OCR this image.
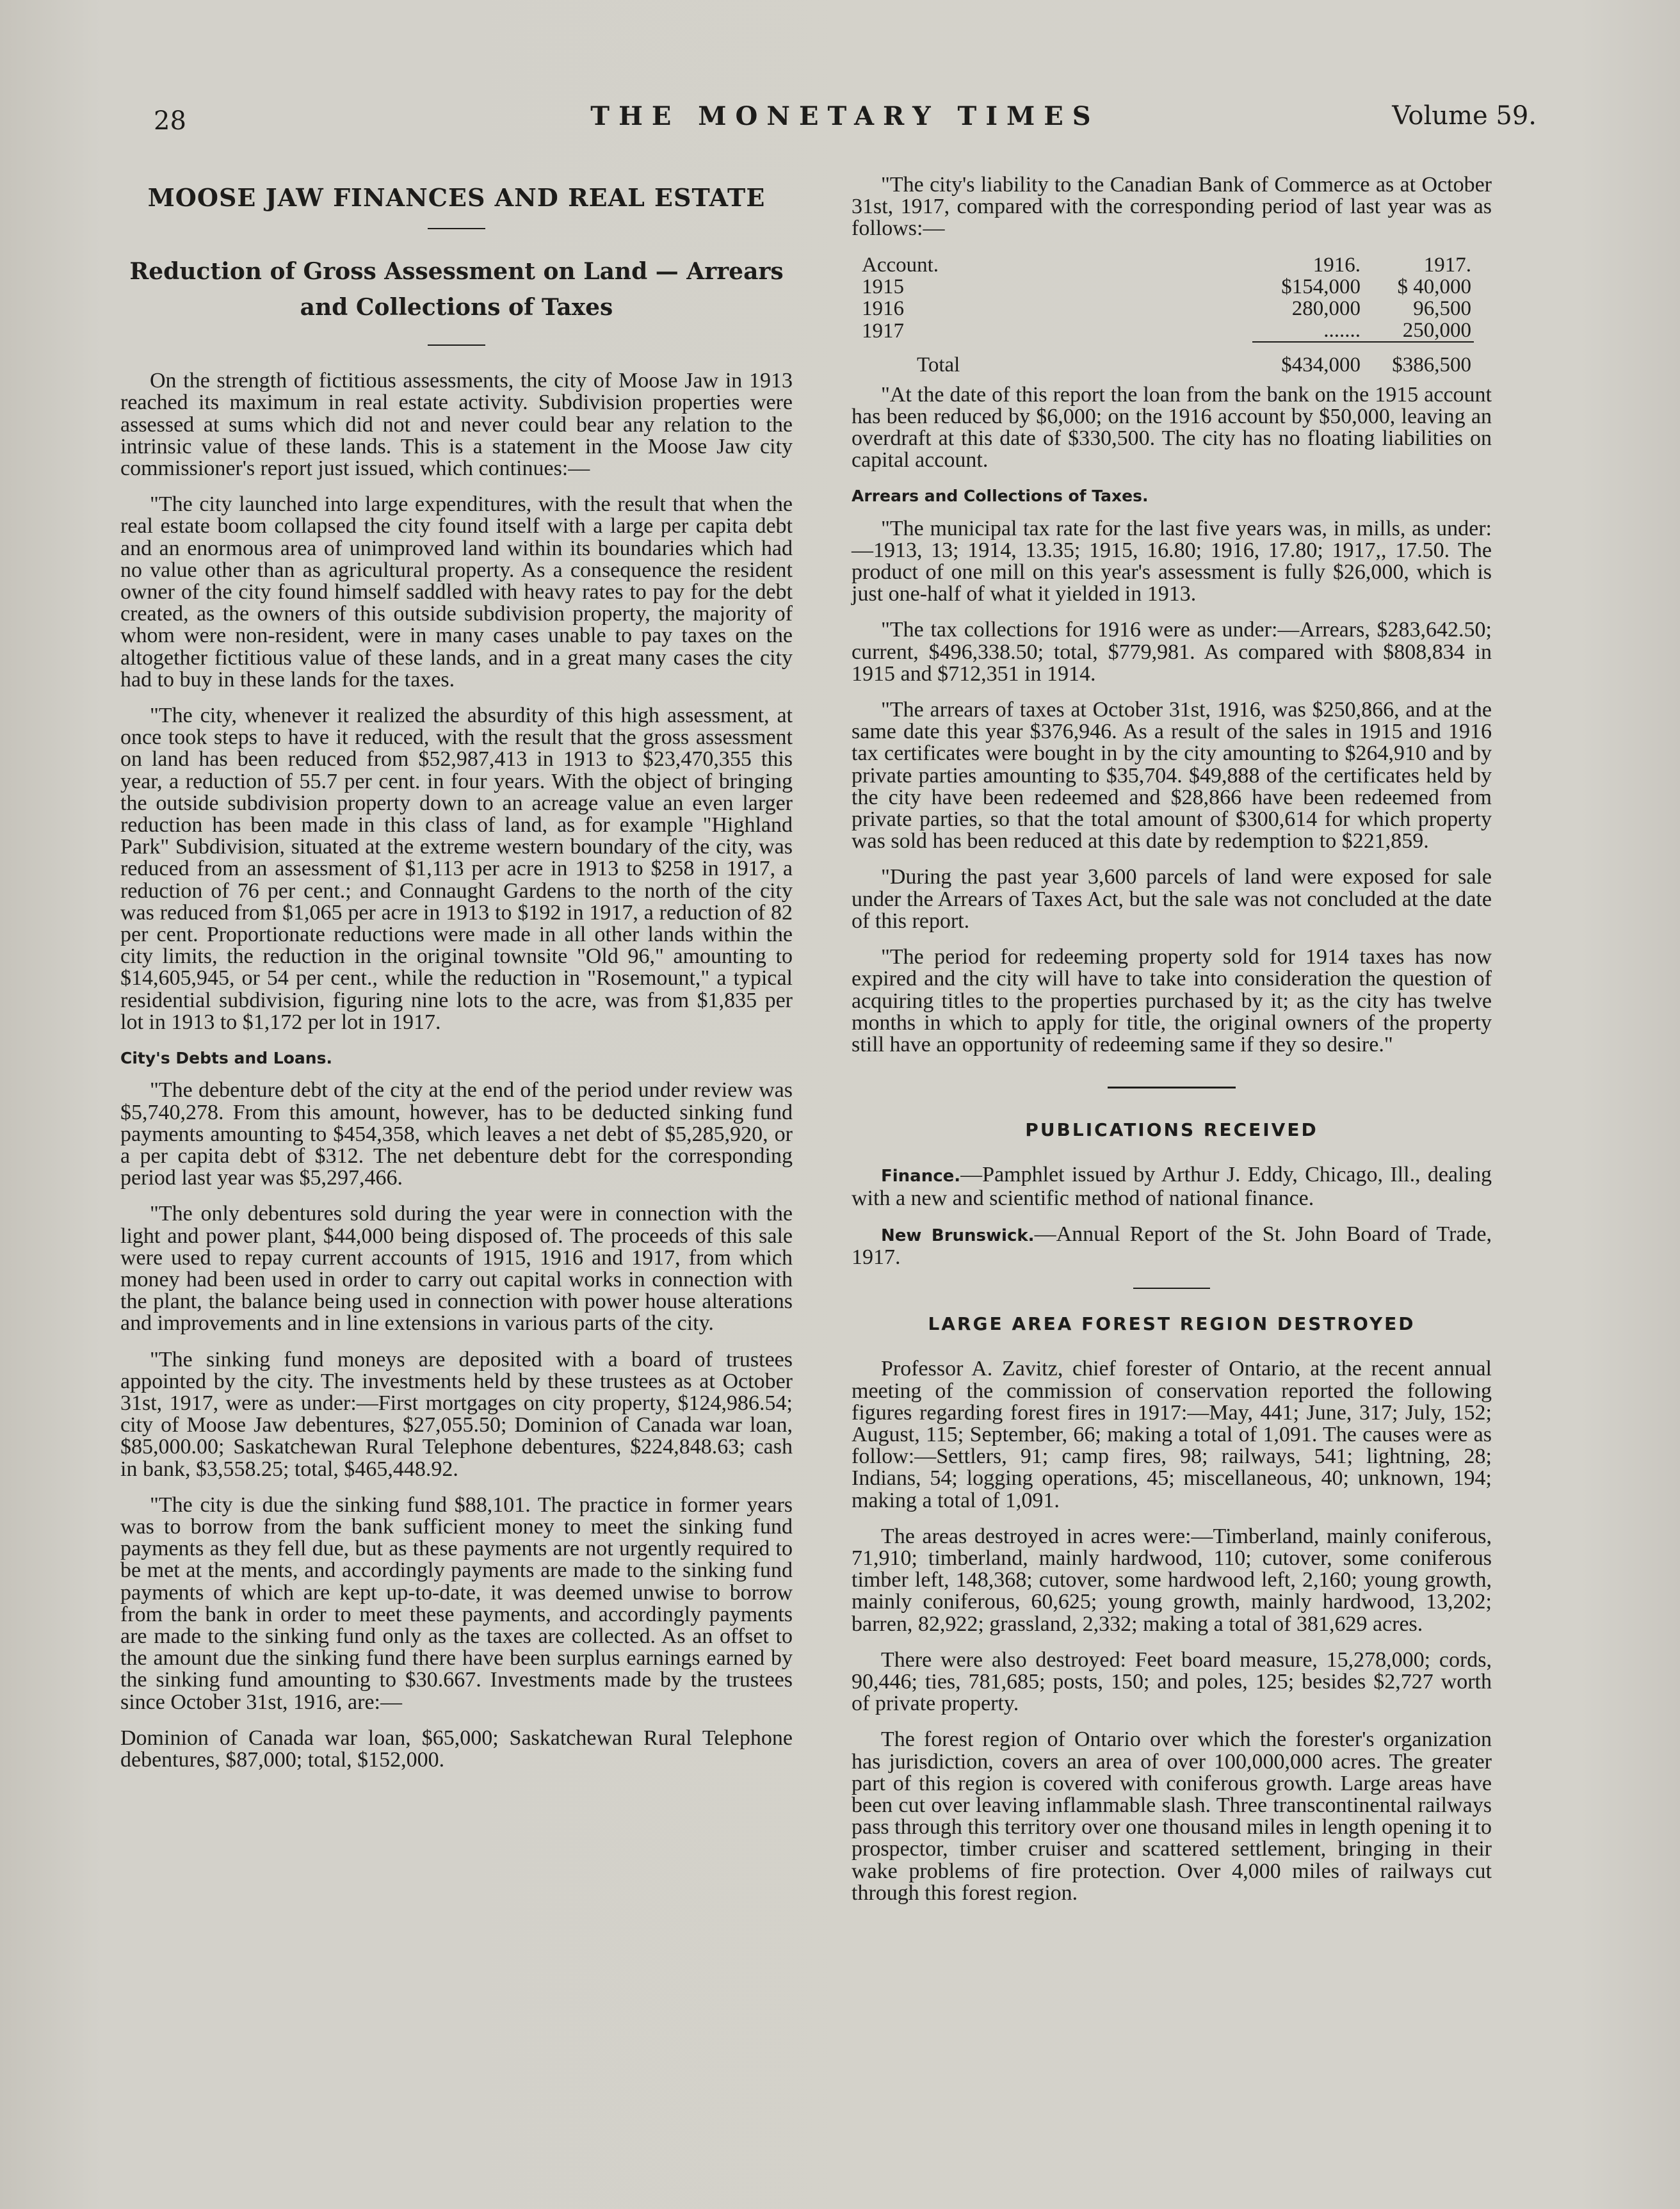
28	THE MONETARY TIMES	Volume 59.
MOOSE JAW FINANCES AND REAL ESTATE
Reduction of Gross Assessment on Land — Arrears and Collections of Taxes

On the strength of fictitious assessments, the city of Moose Jaw in 1913 reached its maximum in real estate activity. Subdivision properties were assessed at sums which did not and never could bear any relation to the intrinsic value of these lands. This is a statement in the Moose Jaw city commissioner's report just issued, which continues:—

"The city launched into large expenditures, with the result that when the real estate boom collapsed the city found itself with a large per capita debt and an enormous area of unimproved land within its boundaries which had no value other than as agricultural property. As a consequence the resident owner of the city found himself saddled with heavy rates to pay for the debt created, as the owners of this outside subdivision property, the majority of whom were non-resident, were in many cases unable to pay taxes on the altogether fictitious value of these lands, and in a great many cases the city had to buy in these lands for the taxes.

"The city, whenever it realized the absurdity of this high assessment, at once took steps to have it reduced, with the result that the gross assessment on land has been reduced from $52,987,413 in 1913 to $23,470,355 this year, a reduction of 55.7 per cent. in four years. With the object of bringing the outside subdivision property down to an acreage value an even larger reduction has been made in this class of land, as for example "Highland Park" Subdivision, situated at the extreme western boundary of the city, was reduced from an assessment of $1,113 per acre in 1913 to $258 in 1917, a reduction of 76 per cent.; and Connaught Gardens to the north of the city was reduced from $1,065 per acre in 1913 to $192 in 1917, a reduction of 82 per cent. Proportionate reductions were made in all other lands within the city limits, the reduction in the original townsite "Old 96," amounting to $14,605,945, or 54 per cent., while the reduction in "Rosemount," a typical residential subdivision, figuring nine lots to the acre, was from $1,835 per lot in 1913 to $1,172 per lot in 1917.

City's Debts and Loans.

"The debenture debt of the city at the end of the period under review was $5,740,278. From this amount, however, has to be deducted sinking fund payments amounting to $454,358, which leaves a net debt of $5,285,920, or a per capita debt of $312. The net debenture debt for the corresponding period last year was $5,297,466.

"The only debentures sold during the year were in connection with the light and power plant, $44,000 being disposed of. The proceeds of this sale were used to repay current accounts of 1915, 1916 and 1917, from which money had been used in order to carry out capital works in connection with the plant, the balance being used in connection with power house alterations and improvements and in line extensions in various parts of the city.

"The sinking fund moneys are deposited with a board of trustees appointed by the city. The investments held by these trustees as at October 31st, 1917, were as under:—First mortgages on city property, $124,986.54; city of Moose Jaw debentures, $27,055.50; Dominion of Canada war loan, $85,000.00; Saskatchewan Rural Telephone debentures, $224,848.63; cash in bank, $3,558.25; total, $465,448.92.

"The city is due the sinking fund $88,101. The practice in former years was to borrow from the bank sufficient money to meet the sinking fund payments as they fell due, but as these payments are not urgently required to be met at the ments, and accordingly payments are made to the sinking fund payments of which are kept up-to-date, it was deemed unwise to borrow from the bank in order to meet these payments, and accordingly payments are made to the sinking fund only as the taxes are collected. As an offset to the amount due the sinking fund there have been surplus earnings earned by the sinking fund amounting to $30.667. Investments made by the trustees since October 31st, 1916, are:—

Dominion of Canada war loan, $65,000; Saskatchewan Rural Telephone debentures, $87,000; total, $152,000.

"The city's liability to the Canadian Bank of Commerce as at October 31st, 1917, compared with the corresponding period of last year was as follows:—

Account.	1916.	1917.
1915	$154,000	$ 40,000
1916	280,000	96,500
1917	.......	250,000
Total	$434,000	$386,500

"At the date of this report the loan from the bank on the 1915 account has been reduced by $6,000; on the 1916 account by $50,000, leaving an overdraft at this date of $330,500. The city has no floating liabilities on capital account.

Arrears and Collections of Taxes.

"The municipal tax rate for the last five years was, in mills, as under:—1913, 13; 1914, 13.35; 1915, 16.80; 1916, 17.80; 1917,, 17.50. The product of one mill on this year's assessment is fully $26,000, which is just one-half of what it yielded in 1913.

"The tax collections for 1916 were as under:—Arrears, $283,642.50; current, $496,338.50; total, $779,981. As compared with $808,834 in 1915 and $712,351 in 1914.

"The arrears of taxes at October 31st, 1916, was $250,866, and at the same date this year $376,946. As a result of the sales in 1915 and 1916 tax certificates were bought in by the city amounting to $264,910 and by private parties amounting to $35,704. $49,888 of the certificates held by the city have been redeemed and $28,866 have been redeemed from private parties, so that the total amount of $300,614 for which property was sold has been reduced at this date by redemption to $221,859.

"During the past year 3,600 parcels of land were exposed for sale under the Arrears of Taxes Act, but the sale was not concluded at the date of this report.

"The period for redeeming property sold for 1914 taxes has now expired and the city will have to take into consideration the question of acquiring titles to the properties purchased by it; as the city has twelve months in which to apply for title, the original owners of the property still have an opportunity of redeeming same if they so desire."

PUBLICATIONS RECEIVED

Finance.—Pamphlet issued by Arthur J. Eddy, Chicago, Ill., dealing with a new and scientific method of national finance.

New Brunswick.—Annual Report of the St. John Board of Trade, 1917.

LARGE AREA FOREST REGION DESTROYED

Professor A. Zavitz, chief forester of Ontario, at the recent annual meeting of the commission of conservation reported the following figures regarding forest fires in 1917:—May, 441; June, 317; July, 152; August, 115; September, 66; making a total of 1,091. The causes were as follow:—Settlers, 91; camp fires, 98; railways, 541; lightning, 28; Indians, 54; logging operations, 45; miscellaneous, 40; unknown, 194; making a total of 1,091.

The areas destroyed in acres were:—Timberland, mainly coniferous, 71,910; timberland, mainly hardwood, 110; cutover, some coniferous timber left, 148,368; cutover, some hardwood left, 2,160; young growth, mainly coniferous, 60,625; young growth, mainly hardwood, 13,202; barren, 82,922; grassland, 2,332; making a total of 381,629 acres.

There were also destroyed: Feet board measure, 15,278,000; cords, 90,446; ties, 781,685; posts, 150; and poles, 125; besides $2,727 worth of private property.

The forest region of Ontario over which the forester's organization has jurisdiction, covers an area of over 100,000,000 acres. The greater part of this region is covered with coniferous growth. Large areas have been cut over leaving inflammable slash. Three transcontinental railways pass through this territory over one thousand miles in length opening it to prospector, timber cruiser and scattered settlement, bringing in their wake problems of fire protection. Over 4,000 miles of railways cut through this forest region.
